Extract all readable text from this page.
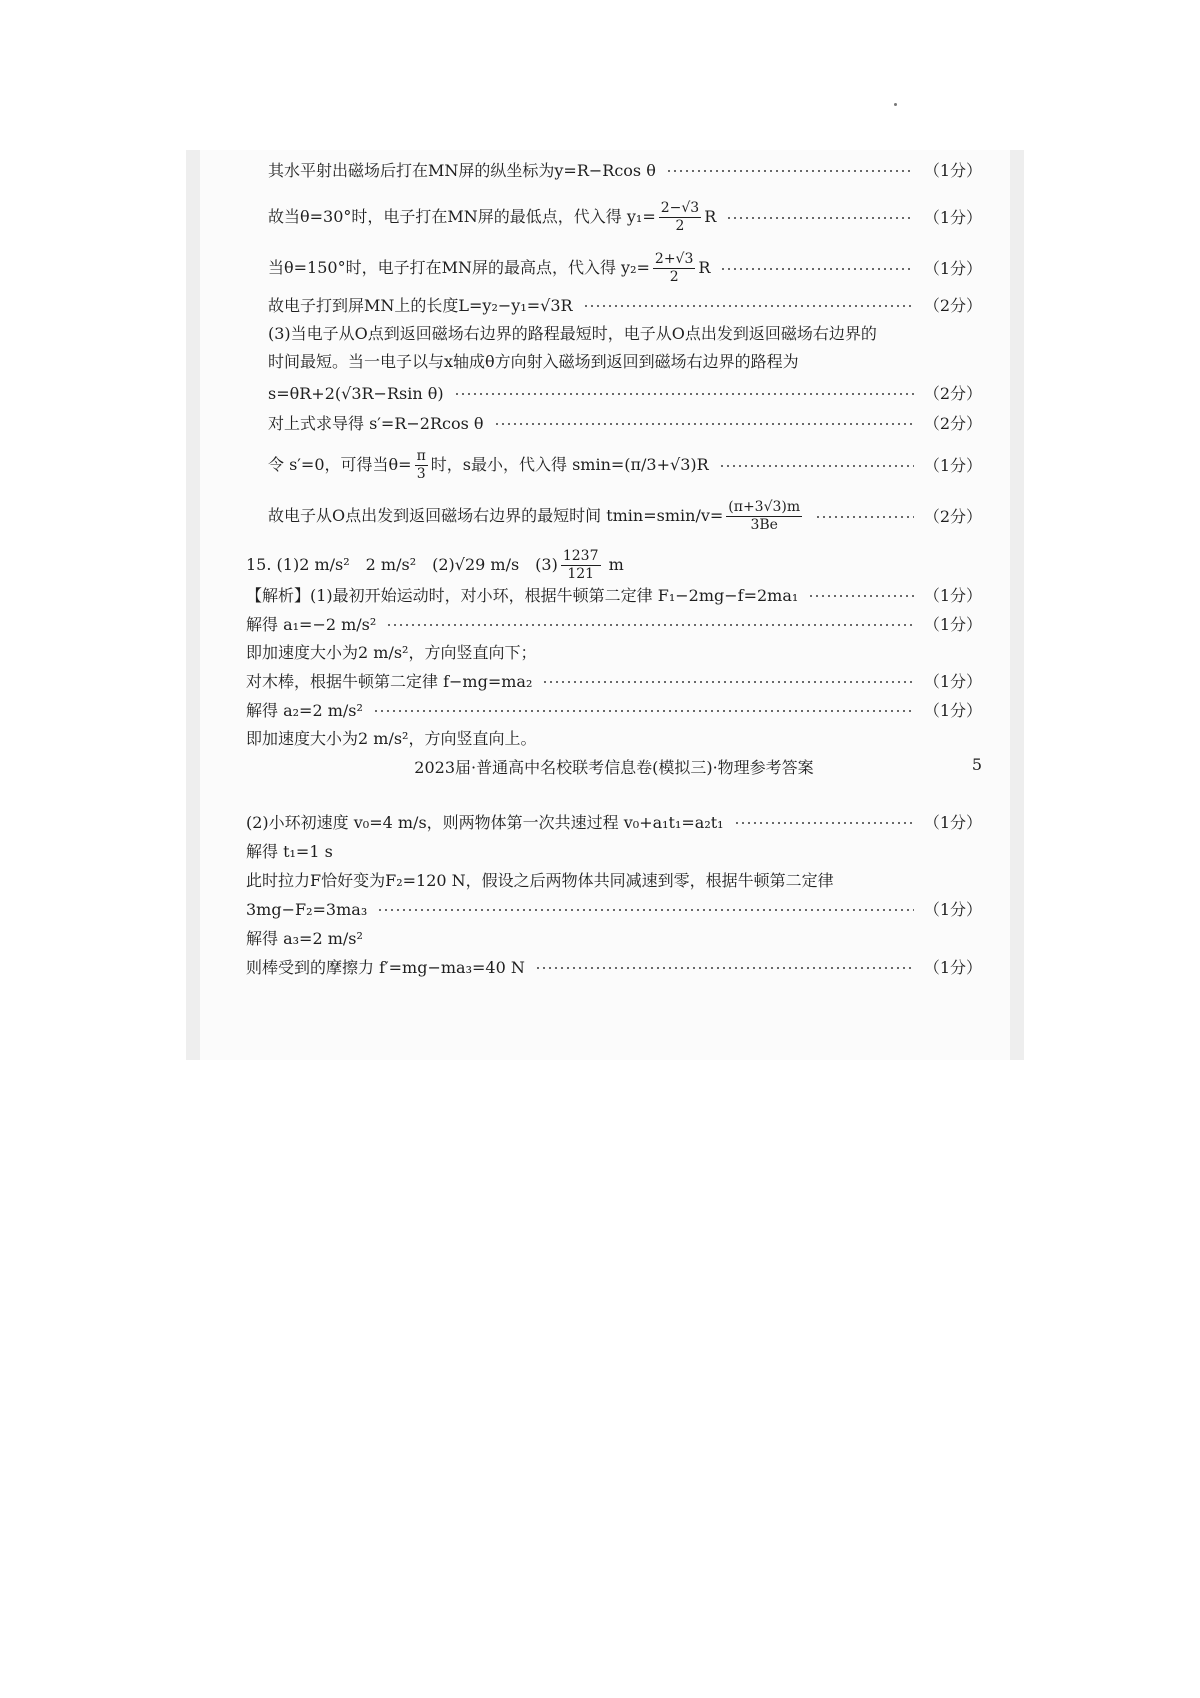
其水平射出磁场后打在MN屏的纵坐标为y=R−Rcos θ	（1分）
故当θ=30°时，电子打在MN屏的最低点，代入得 $y_1= \frac{2-√3}{2}$ R	（1分）
当θ=150°时，电子打在MN屏的最高点，代入得 $y_2= \frac{2+√3}{2}$ R	（1分）
故电子打到屏MN上的长度L=y₂−y₁=√3R	（2分）
(3)当电子从O点到返回磁场右边界的路程最短时，电子从O点出发到返回磁场右边界的
时间最短。当一电子以与x轴成θ方向射入磁场到返回到磁场右边界的路程为
s=θR+2(√3R−Rsin θ)	（2分）
对上式求导得 s′=R−2Rcos θ	（2分）
令 s′=0，可得当$\theta= \frac{\pi}{3}$ 时，s最小，代入得 smin=(π/3+√3)R	（1分）
故电子从O点出发到返回磁场右边界的最短时间 $tmin=smin/v= \frac{(\pi+3√3)m}{3Be}$	（2分）
15. (1)2 m/s²　2 m/s²　(2)√29 m/s　$(3) \frac{1237}{121}$ m
【解析】(1)最初开始运动时，对小环，根据牛顿第二定律 F₁−2mg−f=2ma₁	（1分）
解得 a₁=−2 m/s²	（1分）
即加速度大小为2 m/s²，方向竖直向下；
对木棒，根据牛顿第二定律 f−mg=ma₂	（1分）
解得 a₂=2 m/s²	（1分）
即加速度大小为2 m/s²，方向竖直向上。
2023届·普通高中名校联考信息卷(模拟三)·物理参考答案	5
(2)小环初速度 v₀=4 m/s，则两物体第一次共速过程 v₀+a₁t₁=a₂t₁	（1分）
解得 t₁=1 s
此时拉力F恰好变为F₂=120 N，假设之后两物体共同减速到零，根据牛顿第二定律
3mg−F₂=3ma₃	（1分）
解得 a₃=2 m/s²
则棒受到的摩擦力 f′=mg−ma₃=40 N	（1分）
